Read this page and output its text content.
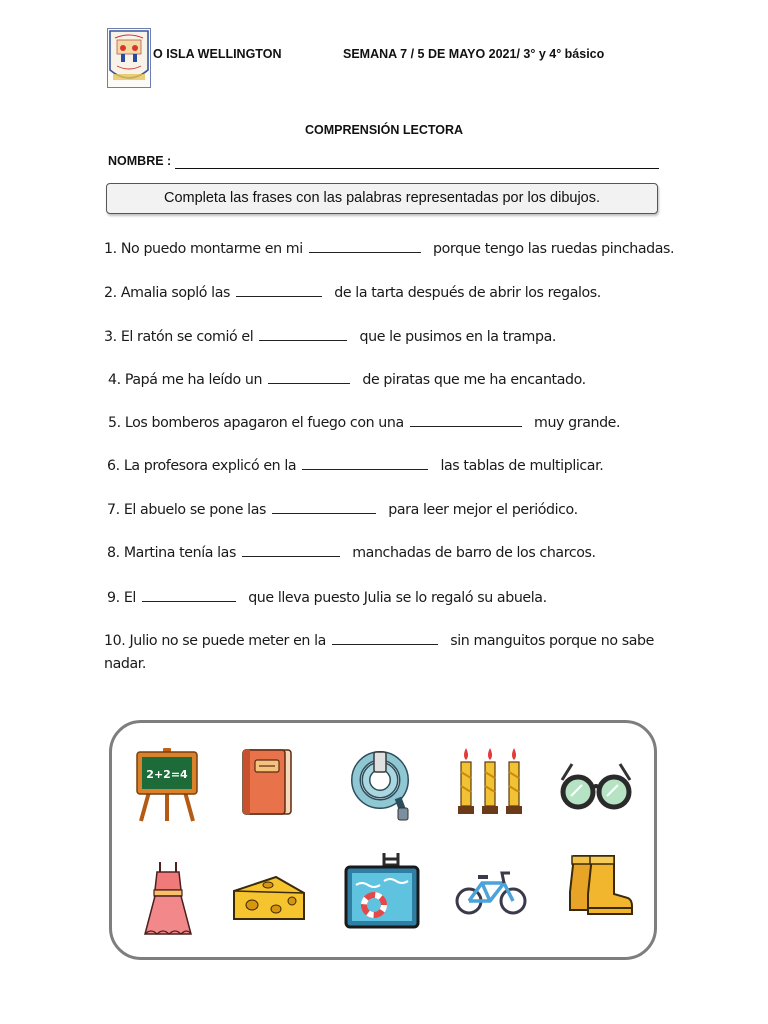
O ISLA WELLINGTON	SEMANA 7 / 5 DE MAYO 2021/ 3° y 4° básico
COMPRENSIÓN LECTORA
NOMBRE :
Completa las frases con las palabras representadas por los dibujos.
1. No puedo montarme en mi	porque tengo las ruedas pinchadas.
2. Amalia sopló las	de la tarta después de abrir los regalos.
3. El ratón se comió el	que le pusimos en la trampa.
4. Papá me ha leído un	de piratas que me ha encantado.
5. Los bomberos apagaron el fuego con una	muy grande.
6. La profesora explicó en la	las tablas de multiplicar.
7. El abuelo se pone las	para leer mejor el periódico.
8. Martina tenía las	manchadas de barro de los charcos.
9. El	que lleva puesto Julia se lo regaló su abuela.
10. Julio no se puede meter en la	sin manguitos porque no sabe
nadar.
2+2=4
